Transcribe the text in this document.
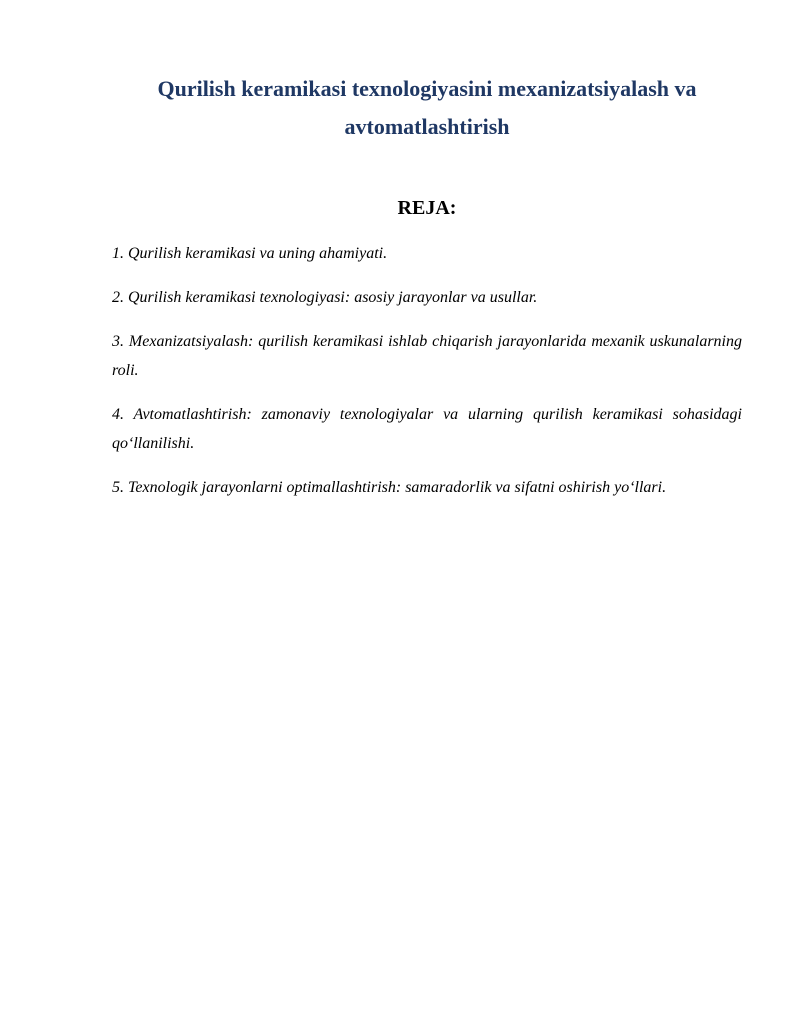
Qurilish keramikasi texnologiyasini mexanizatsiyalash va
avtomatlashtirish
REJA:
1. Qurilish keramikasi va uning ahamiyati.
2. Qurilish keramikasi texnologiyasi: asosiy jarayonlar va usullar.
3. Mexanizatsiyalash: qurilish keramikasi ishlab chiqarish jarayonlarida mexanik uskunalarning roli.
4. Avtomatlashtirish: zamonaviy texnologiyalar va ularning qurilish keramikasi sohasidagi qo‘llanilishi.
5. Texnologik jarayonlarni optimallashtirish: samaradorlik va sifatni oshirish yo‘llari.
